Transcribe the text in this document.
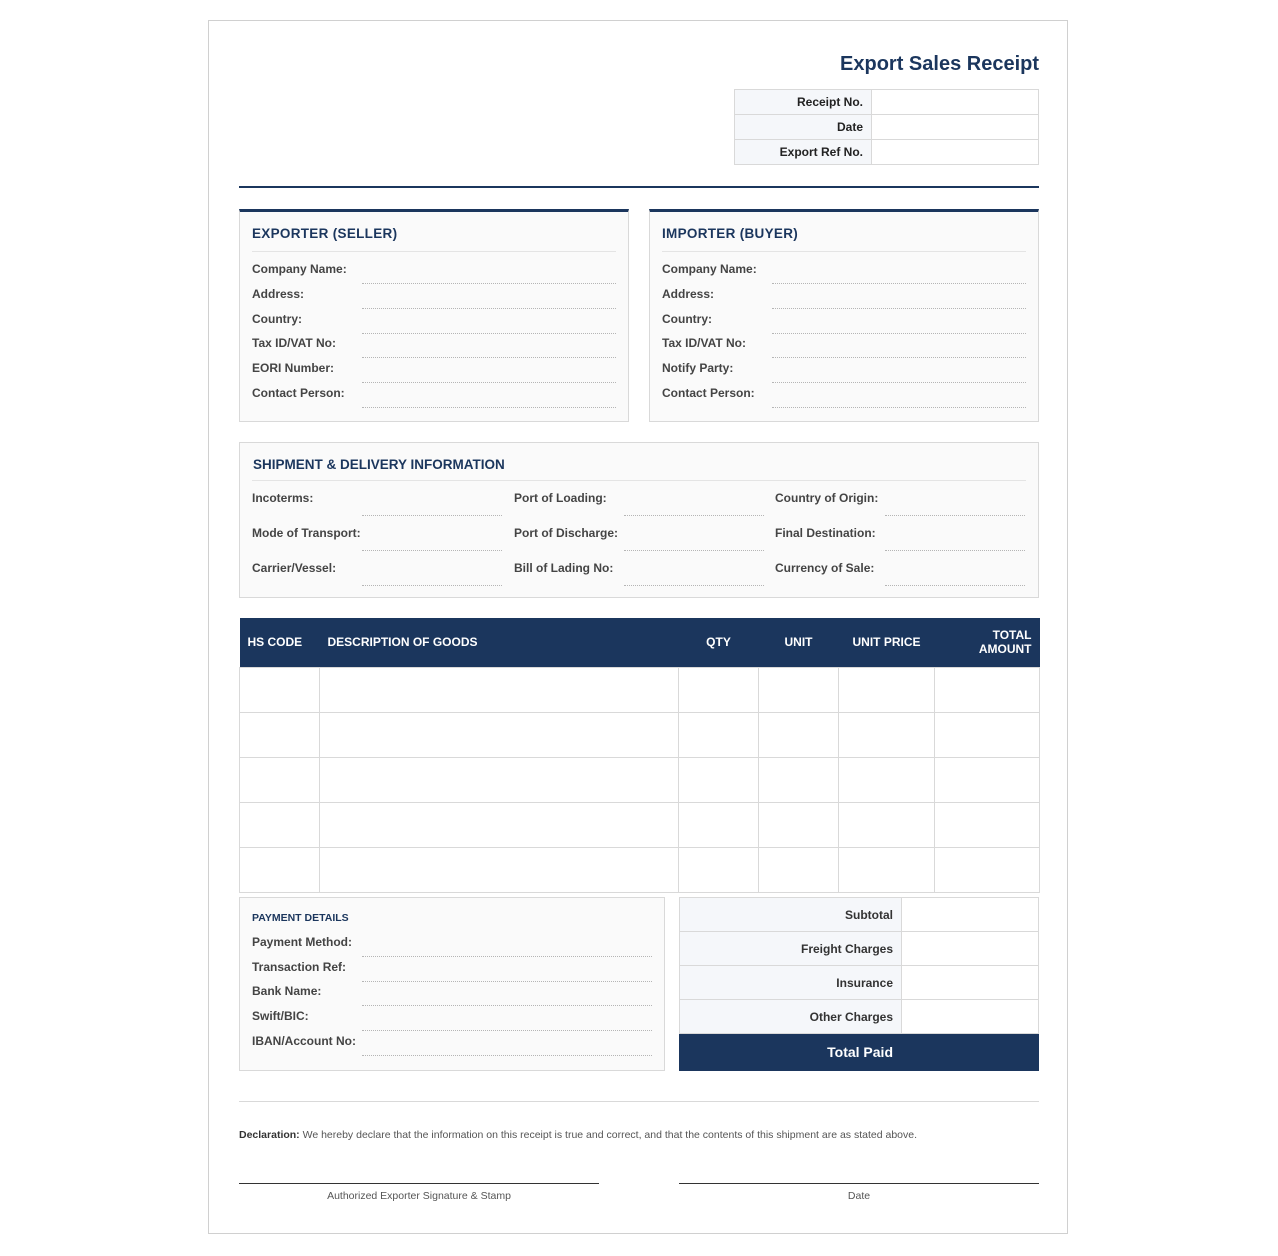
Export Sales Receipt
Receipt No.	
Date	
Export Ref No.	
EXPORTER (SELLER)
Company Name:
Address:
Country:
Tax ID/VAT No:
EORI Number:
Contact Person:
IMPORTER (BUYER)
Company Name:
Address:
Country:
Tax ID/VAT No:
Notify Party:
Contact Person:
SHIPMENT & DELIVERY INFORMATION
Incoterms:	Port of Loading:	Country of Origin:
Mode of Transport:	Port of Discharge:	Final Destination:
Carrier/Vessel:	Bill of Lading No:	Currency of Sale:
HS CODE	DESCRIPTION OF GOODS	QTY	UNIT	UNIT PRICE	TOTAL AMOUNT

PAYMENT DETAILS
Payment Method:
Transaction Ref:
Bank Name:
Swift/BIC:
IBAN/Account No:
Subtotal	
Freight Charges	
Insurance	
Other Charges	
Total Paid	
Declaration: We hereby declare that the information on this receipt is true and correct, and that the contents of this shipment are as stated above.
Authorized Exporter Signature & Stamp	Date
